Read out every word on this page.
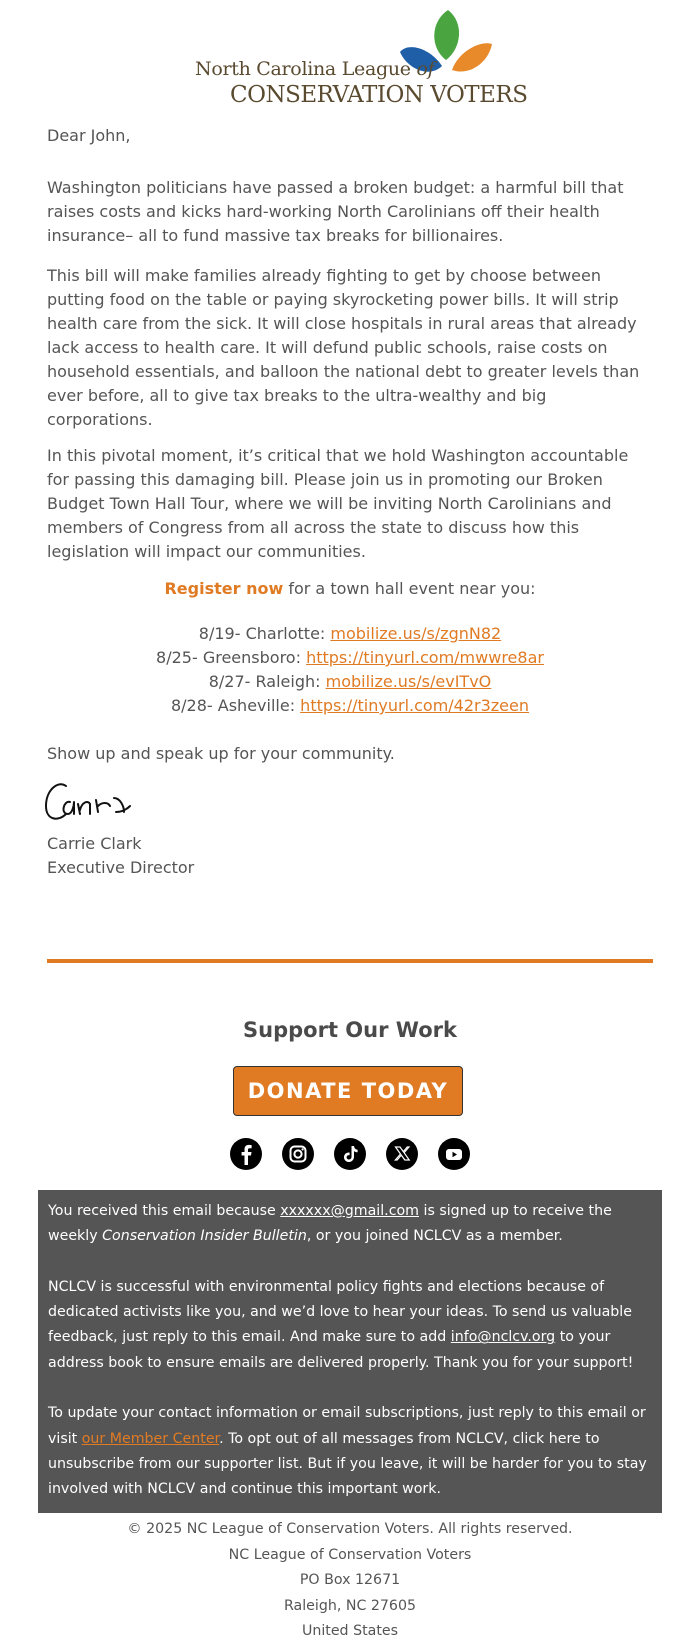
North Carolina League of
CONSERVATION VOTERS
Dear John,

Washington politicians have passed a broken budget: a harmful bill that raises costs and kicks hard-working North Carolinians off their health insurance– all to fund massive tax breaks for billionaires.

This bill will make families already fighting to get by choose between putting food on the table or paying skyrocketing power bills. It will strip health care from the sick. It will close hospitals in rural areas that already lack access to health care. It will defund public schools, raise costs on household essentials, and balloon the national debt to greater levels than ever before, all to give tax breaks to the ultra-wealthy and big corporations.

In this pivotal moment, it’s critical that we hold Washington accountable for passing this damaging bill. Please join us in promoting our Broken Budget Town Hall Tour, where we will be inviting North Carolinians and members of Congress from all across the state to discuss how this legislation will impact our communities.

Register now for a town hall event near you:
8/19- Charlotte: mobilize.us/s/zgnN82
8/25- Greensboro: https://tinyurl.com/mwwre8ar
8/27- Raleigh: mobilize.us/s/evITvO
8/28- Asheville: https://tinyurl.com/42r3zeen
Show up and speak up for your community.
Carrie Clark
Executive Director
Support Our Work
DONATE TODAY

You received this email because xxxxxx@gmail.com is signed up to receive the weekly Conservation Insider Bulletin, or you joined NCLCV as a member.

NCLCV is successful with environmental policy fights and elections because of dedicated activists like you, and we’d love to hear your ideas. To send us valuable feedback, just reply to this email. And make sure to add info@nclcv.org to your address book to ensure emails are delivered properly. Thank you for your support!

To update your contact information or email subscriptions, just reply to this email or visit our Member Center. To opt out of all messages from NCLCV, click here to unsubscribe from our supporter list. But if you leave, it will be harder for you to stay involved with NCLCV and continue this important work.

© 2025 NC League of Conservation Voters. All rights reserved.
NC League of Conservation Voters
PO Box 12671
Raleigh, NC 27605
United States
